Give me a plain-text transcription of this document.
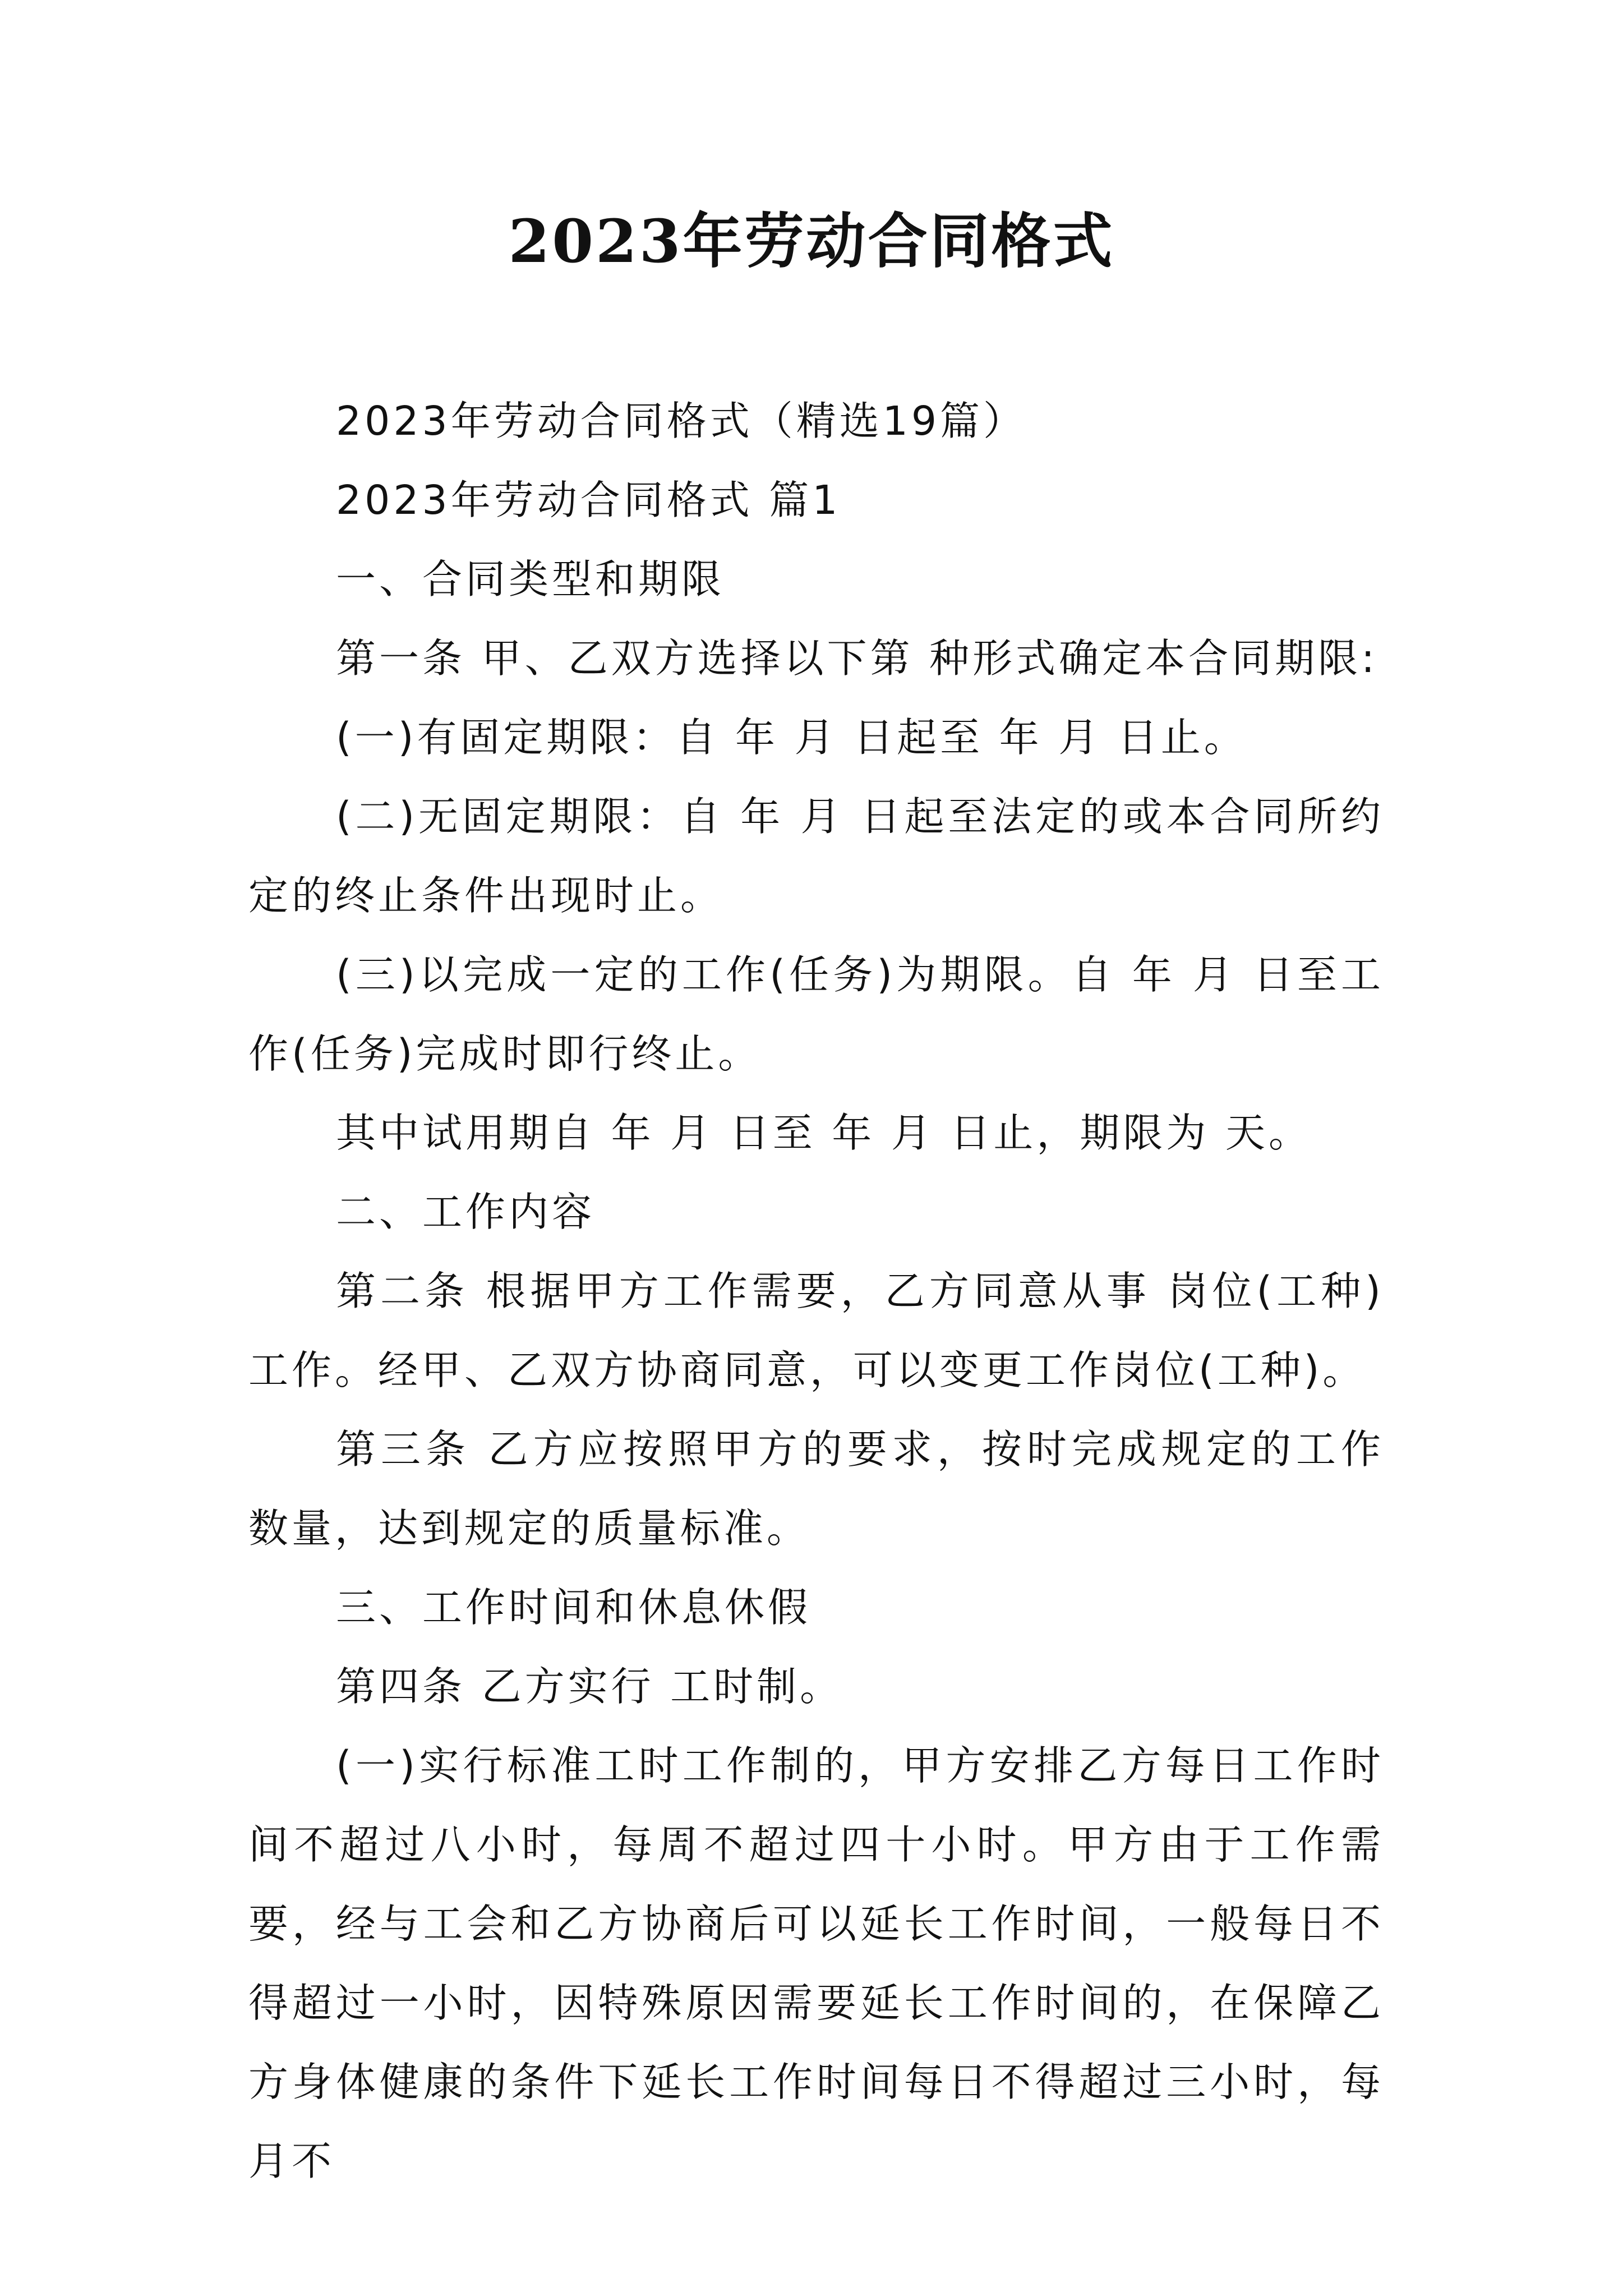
2023年劳动合同格式

2023年劳动合同格式（精选19篇）

2023年劳动合同格式 篇1

一、合同类型和期限

第一条 甲、乙双方选择以下第 种形式确定本合同期限:

(一)有固定期限：自 年 月 日起至 年 月 日止。

(二)无固定期限：自 年 月 日起至法定的或本合同所约定的终止条件出现时止。

(三)以完成一定的工作(任务)为期限。自 年 月 日至工作(任务)完成时即行终止。

其中试用期自 年 月 日至 年 月 日止，期限为 天。

二、工作内容

第二条 根据甲方工作需要，乙方同意从事 岗位(工种)工作。经甲、乙双方协商同意，可以变更工作岗位(工种)。

第三条 乙方应按照甲方的要求，按时完成规定的工作数量，达到规定的质量标准。

三、工作时间和休息休假

第四条 乙方实行 工时制。

(一)实行标准工时工作制的，甲方安排乙方每日工作时间不超过八小时，每周不超过四十小时。甲方由于工作需要，经与工会和乙方协商后可以延长工作时间，一般每日不得超过一小时，因特殊原因需要延长工作时间的，在保障乙方身体健康的条件下延长工作时间每日不得超过三小时，每月不
